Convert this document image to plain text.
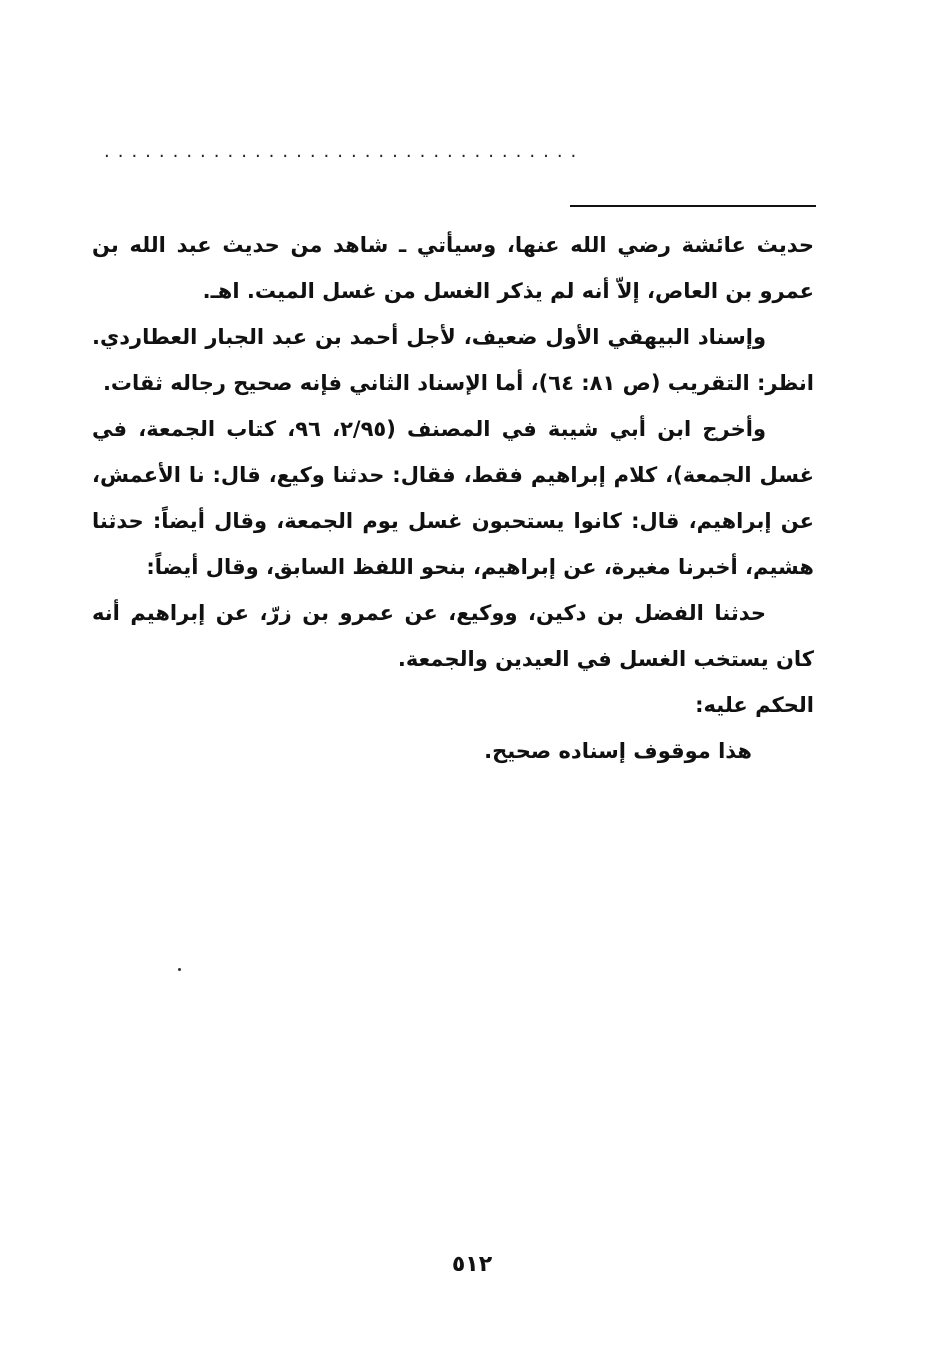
...................................

حديث عائشة رضي الله عنها، وسيأتي ـ شاهد من حديث عبد الله بن عمرو بن العاص، إلاّ أنه لم يذكر الغسل من غسل الميت. اهـ.

وإسناد البيهقي الأول ضعيف، لأجل أحمد بن عبد الجبار العطاردي. انظر: التقريب (ص ٨١: ٦٤)، أما الإسناد الثاني فإنه صحيح رجاله ثقات.

وأخرج ابن أبي شيبة في المصنف (٢/٩٥، ٩٦، كتاب الجمعة، في غسل الجمعة)، كلام إبراهيم فقط، فقال: حدثنا وكيع، قال: نا الأعمش، عن إبراهيم، قال: كانوا يستحبون غسل يوم الجمعة، وقال أيضاً: حدثنا هشيم، أخبرنا مغيرة، عن إبراهيم، بنحو اللفظ السابق، وقال أيضاً:

حدثنا الفضل بن دكين، ووكيع، عن عمرو بن زرّ، عن إبراهيم أنه كان يستخب الغسل في العيدين والجمعة.

الحكم عليه:

هذا موقوف إسناده صحيح.

٥١٢
